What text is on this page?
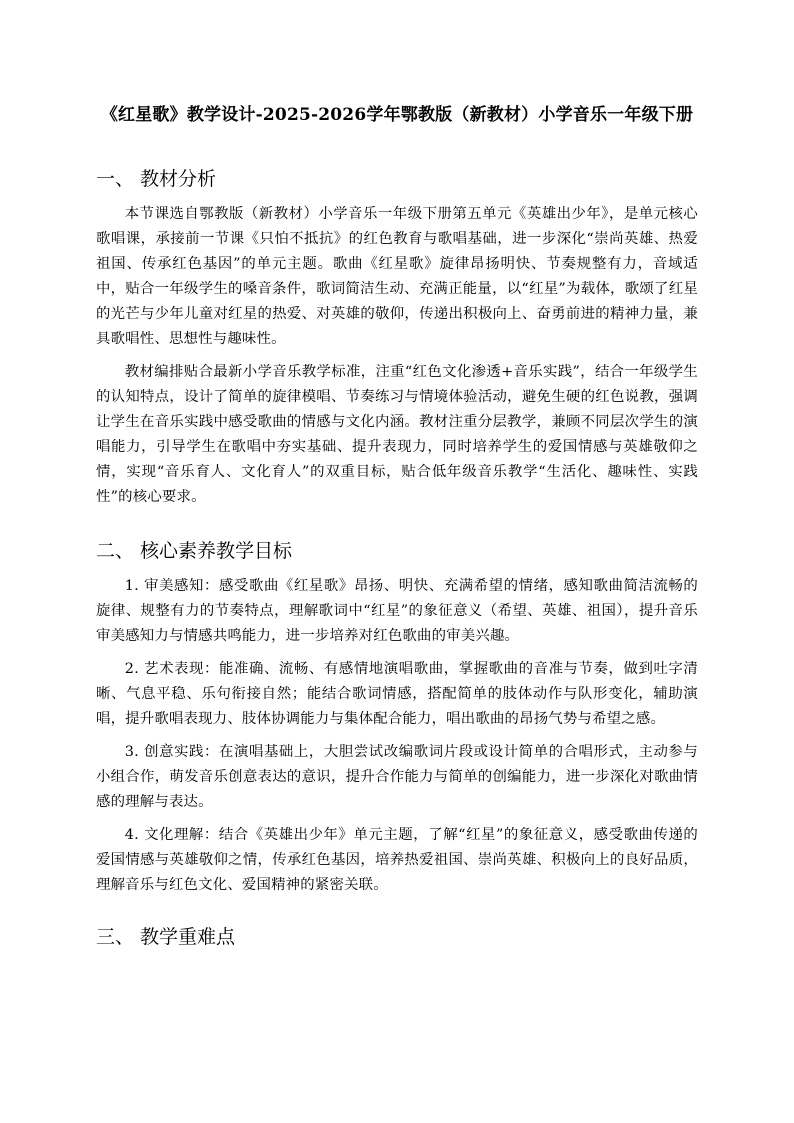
《红星歌》教学设计-2025-2026学年鄂教版（新教材）小学音乐一年级下册
一、 教材分析

本节课选自鄂教版（新教材）小学音乐一年级下册第五单元《英雄出少年》，是单元核心歌唱课，承接前一节课《只怕不抵抗》的红色教育与歌唱基础，进一步深化“崇尚英雄、热爱祖国、传承红色基因”的单元主题。歌曲《红星歌》旋律昂扬明快、节奏规整有力，音域适中，贴合一年级学生的嗓音条件，歌词简洁生动、充满正能量，以“红星”为载体，歌颂了红星的光芒与少年儿童对红星的热爱、对英雄的敬仰，传递出积极向上、奋勇前进的精神力量，兼具歌唱性、思想性与趣味性。

教材编排贴合最新小学音乐教学标准，注重“红色文化渗透+音乐实践”，结合一年级学生的认知特点，设计了简单的旋律模唱、节奏练习与情境体验活动，避免生硬的红色说教，强调让学生在音乐实践中感受歌曲的情感与文化内涵。教材注重分层教学，兼顾不同层次学生的演唱能力，引导学生在歌唱中夯实基础、提升表现力，同时培养学生的爱国情感与英雄敬仰之情，实现“音乐育人、文化育人”的双重目标，贴合低年级音乐教学“生活化、趣味性、实践性”的核心要求。

二、 核心素养教学目标

1. 审美感知：感受歌曲《红星歌》昂扬、明快、充满希望的情绪，感知歌曲简洁流畅的旋律、规整有力的节奏特点，理解歌词中“红星”的象征意义（希望、英雄、祖国），提升音乐审美感知力与情感共鸣能力，进一步培养对红色歌曲的审美兴趣。

2. 艺术表现：能准确、流畅、有感情地演唱歌曲，掌握歌曲的音准与节奏，做到吐字清晰、气息平稳、乐句衔接自然；能结合歌词情感，搭配简单的肢体动作与队形变化，辅助演唱，提升歌唱表现力、肢体协调能力与集体配合能力，唱出歌曲的昂扬气势与希望之感。

3. 创意实践：在演唱基础上，大胆尝试改编歌词片段或设计简单的合唱形式，主动参与小组合作，萌发音乐创意表达的意识，提升合作能力与简单的创编能力，进一步深化对歌曲情感的理解与表达。

4. 文化理解：结合《英雄出少年》单元主题，了解“红星”的象征意义，感受歌曲传递的爱国情感与英雄敬仰之情，传承红色基因，培养热爱祖国、崇尚英雄、积极向上的良好品质，理解音乐与红色文化、爱国精神的紧密关联。

三、 教学重难点
